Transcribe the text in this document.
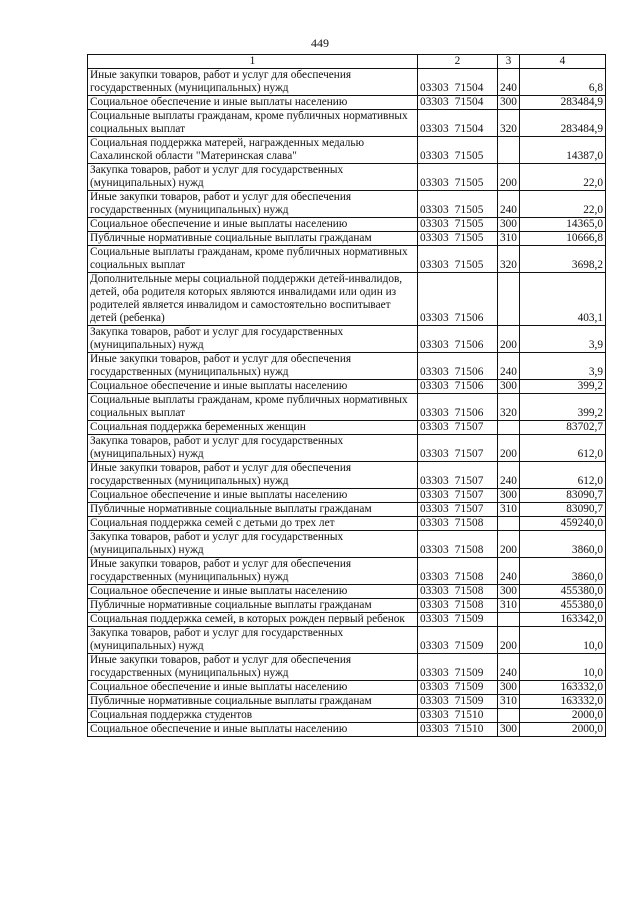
449
1	2	3	4
Иные закупки товаров, работ и услуг для обеспечения государственных (муниципальных) нужд	03303 71504	240	6,8
Социальное обеспечение и иные выплаты населению	03303 71504	300	283484,9
Социальные выплаты гражданам, кроме публичных нормативных социальных выплат	03303 71504	320	283484,9
Социальная поддержка матерей, награжденных медалью Сахалинской области "Материнская слава"	03303 71505		14387,0
Закупка товаров, работ и услуг для государственных (муниципальных) нужд	03303 71505	200	22,0
Иные закупки товаров, работ и услуг для обеспечения государственных (муниципальных) нужд	03303 71505	240	22,0
Социальное обеспечение и иные выплаты населению	03303 71505	300	14365,0
Публичные нормативные социальные выплаты гражданам	03303 71505	310	10666,8
Социальные выплаты гражданам, кроме публичных нормативных социальных выплат	03303 71505	320	3698,2
Дополнительные меры социальной поддержки детей-инвалидов, детей, оба родителя которых являются инвалидами или один из родителей является инвалидом и самостоятельно воспитывает детей (ребенка)	03303 71506		403,1
Закупка товаров, работ и услуг для государственных (муниципальных) нужд	03303 71506	200	3,9
Иные закупки товаров, работ и услуг для обеспечения государственных (муниципальных) нужд	03303 71506	240	3,9
Социальное обеспечение и иные выплаты населению	03303 71506	300	399,2
Социальные выплаты гражданам, кроме публичных нормативных социальных выплат	03303 71506	320	399,2
Социальная поддержка беременных женщин	03303 71507		83702,7
Закупка товаров, работ и услуг для государственных (муниципальных) нужд	03303 71507	200	612,0
Иные закупки товаров, работ и услуг для обеспечения государственных (муниципальных) нужд	03303 71507	240	612,0
Социальное обеспечение и иные выплаты населению	03303 71507	300	83090,7
Публичные нормативные социальные выплаты гражданам	03303 71507	310	83090,7
Социальная поддержка семей с детьми до трех лет	03303 71508		459240,0
Закупка товаров, работ и услуг для государственных (муниципальных) нужд	03303 71508	200	3860,0
Иные закупки товаров, работ и услуг для обеспечения государственных (муниципальных) нужд	03303 71508	240	3860,0
Социальное обеспечение и иные выплаты населению	03303 71508	300	455380,0
Публичные нормативные социальные выплаты гражданам	03303 71508	310	455380,0
Социальная поддержка семей, в которых рожден первый ребенок	03303 71509		163342,0
Закупка товаров, работ и услуг для государственных (муниципальных) нужд	03303 71509	200	10,0
Иные закупки товаров, работ и услуг для обеспечения государственных (муниципальных) нужд	03303 71509	240	10,0
Социальное обеспечение и иные выплаты населению	03303 71509	300	163332,0
Публичные нормативные социальные выплаты гражданам	03303 71509	310	163332,0
Социальная поддержка студентов	03303 71510		2000,0
Социальное обеспечение и иные выплаты населению	03303 71510	300	2000,0
